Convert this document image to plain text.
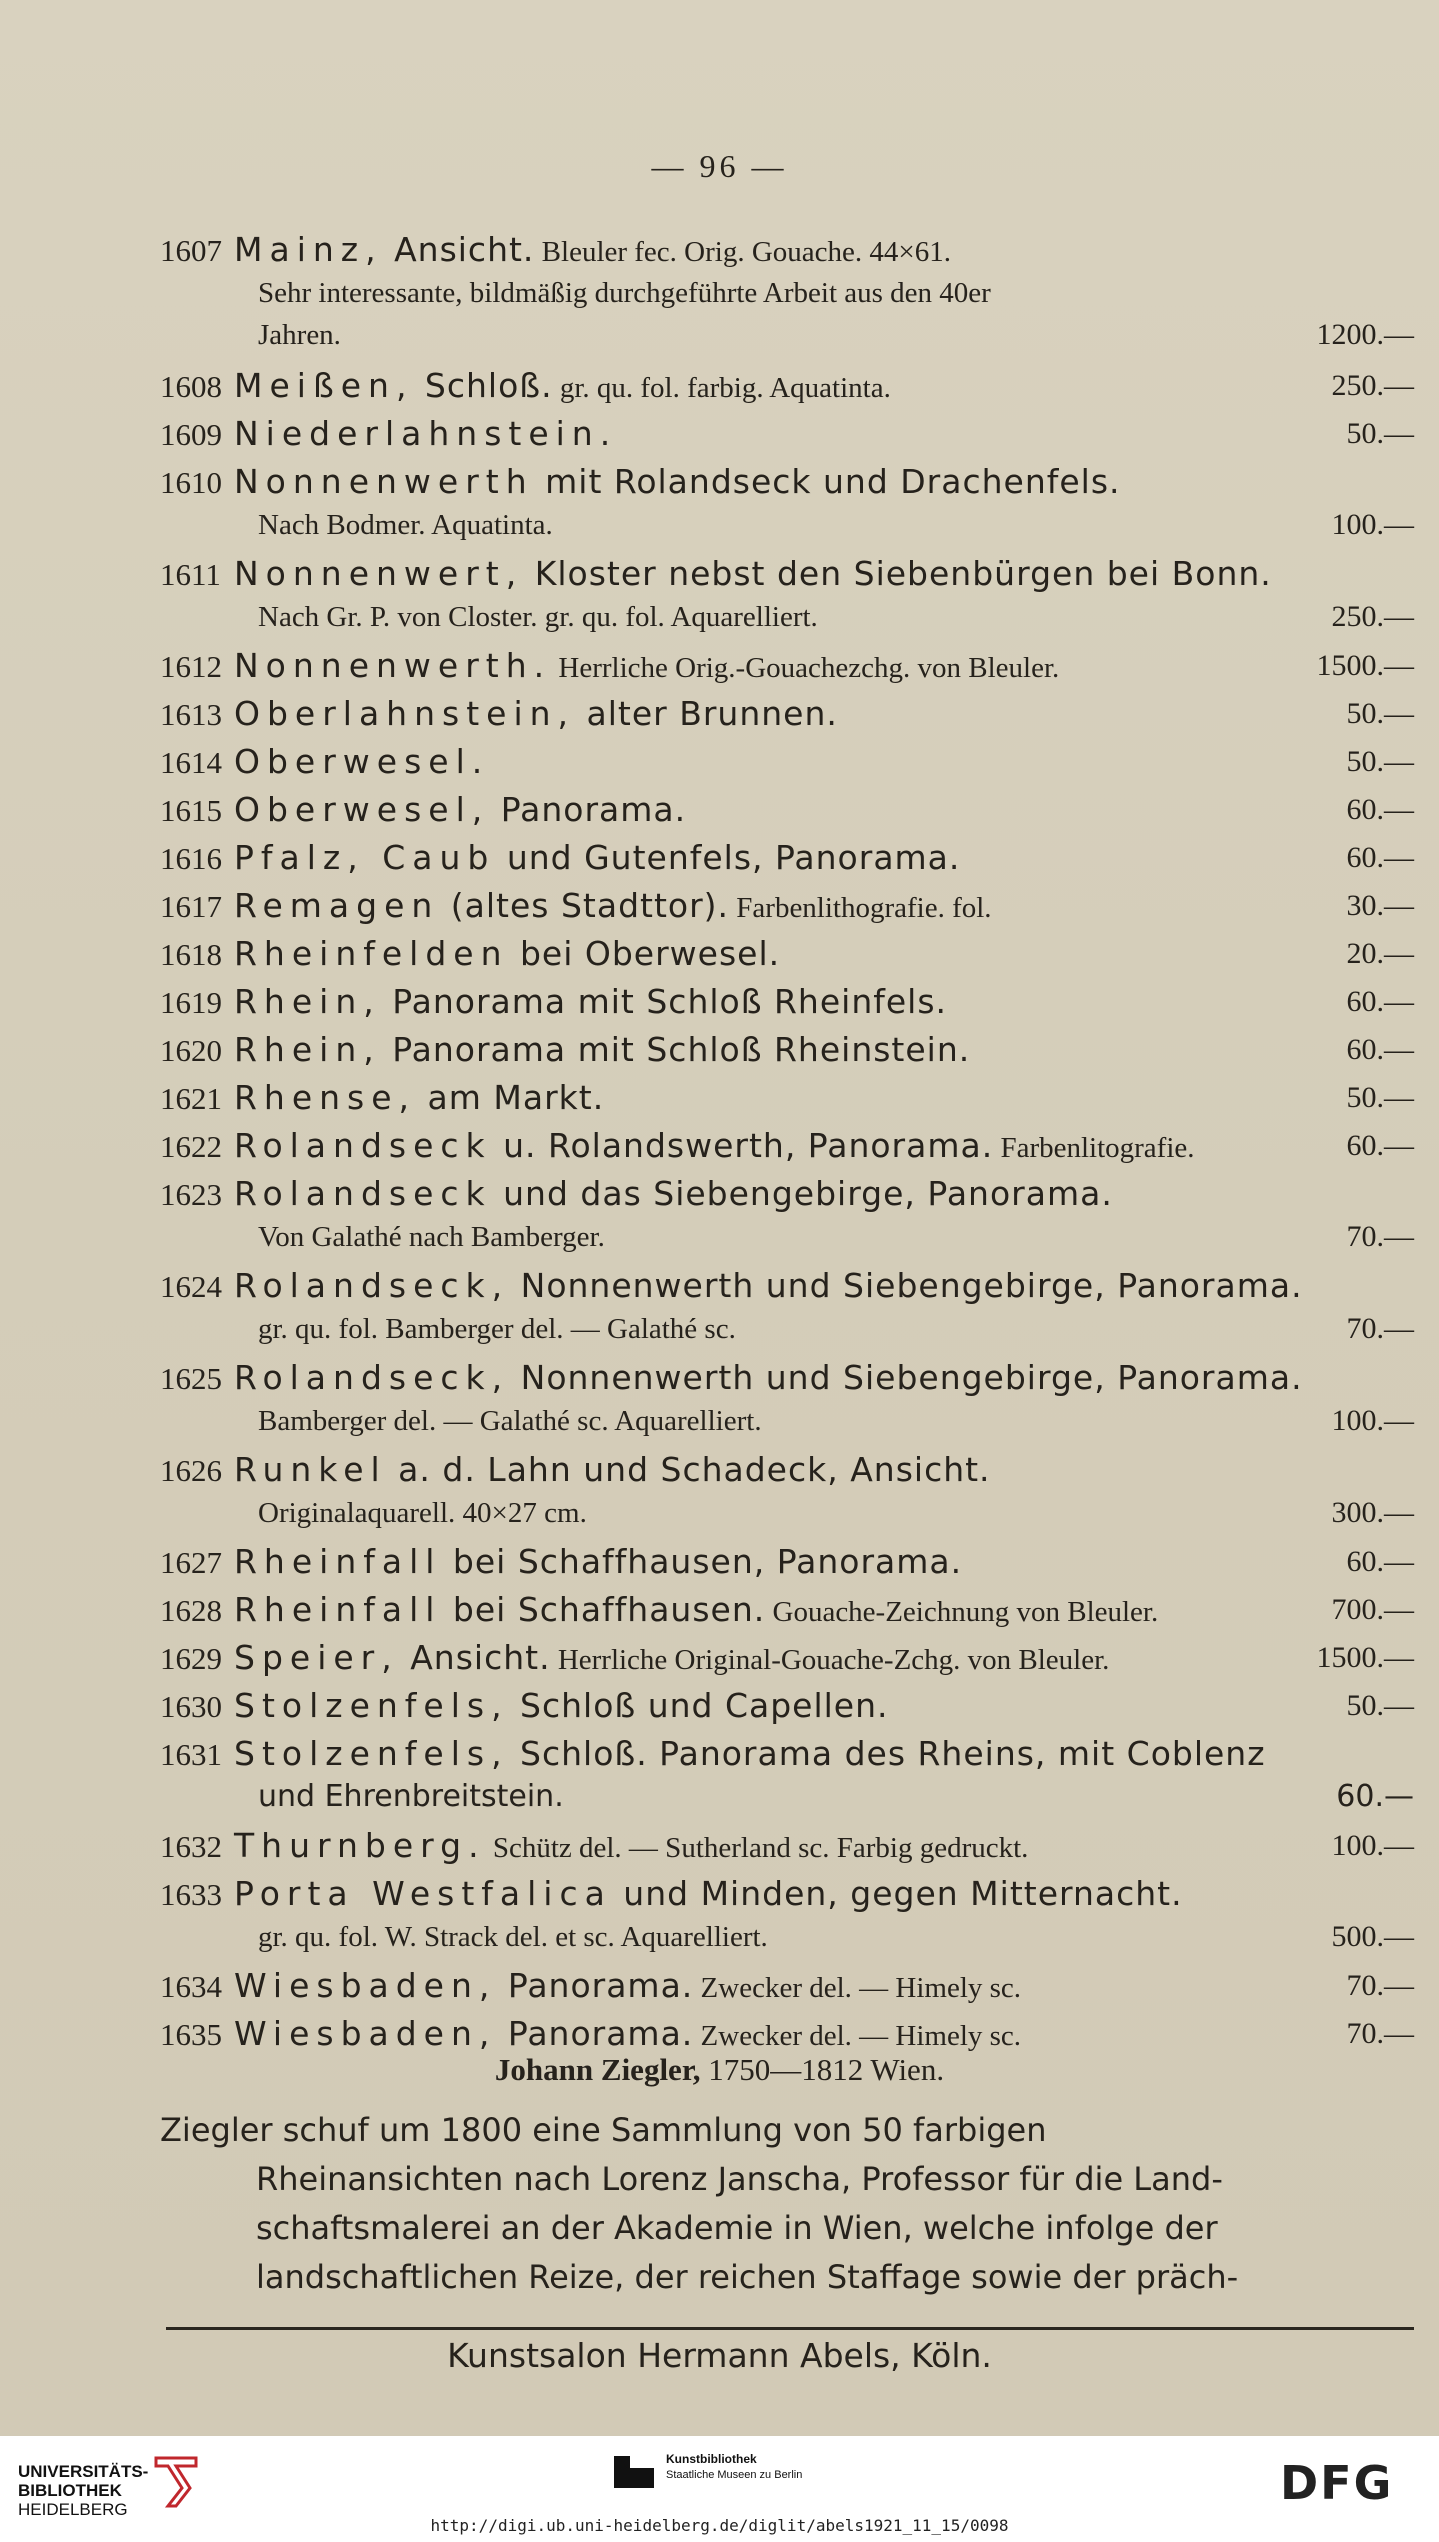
— 96 —
1607 Mainz, Ansicht. Bleuler fec. Orig. Gouache. 44×61.
Sehr interessante, bildmäßig durchgeführte Arbeit aus den 40er
Jahren.	1200.—
1608 Meißen, Schloß. gr. qu. fol. farbig. Aquatinta.	250.—
1609 Niederlahnstein.	50.—
1610 Nonnenwerth mit Rolandseck und Drachenfels.
Nach Bodmer. Aquatinta.	100.—
1611 Nonnenwert, Kloster nebst den Siebenbürgen bei Bonn.
Nach Gr. P. von Closter. gr. qu. fol. Aquarelliert.	250.—
1612 Nonnenwerth. Herrliche Orig.-Gouachezchg. von Bleuler.	1500.—
1613 Oberlahnstein, alter Brunnen.	50.—
1614 Oberwesel.	50.—
1615 Oberwesel, Panorama.	60.—
1616 Pfalz, Caub und Gutenfels, Panorama.	60.—
1617 Remagen (altes Stadttor). Farbenlithografie. fol.	30.—
1618 Rheinfelden bei Oberwesel.	20.—
1619 Rhein, Panorama mit Schloß Rheinfels.	60.—
1620 Rhein, Panorama mit Schloß Rheinstein.	60.—
1621 Rhense, am Markt.	50.—
1622 Rolandseck u. Rolandswerth, Panorama. Farbenlitografie.	60.—
1623 Rolandseck und das Siebengebirge, Panorama.
Von Galathé nach Bamberger.	70.—
1624 Rolandseck, Nonnenwerth und Siebengebirge, Panorama.
gr. qu. fol. Bamberger del. — Galathé sc.	70.—
1625 Rolandseck, Nonnenwerth und Siebengebirge, Panorama.
Bamberger del. — Galathé sc. Aquarelliert.	100.—
1626 Runkel a. d. Lahn und Schadeck, Ansicht.
Originalaquarell. 40×27 cm.	300.—
1627 Rheinfall bei Schaffhausen, Panorama.	60.—
1628 Rheinfall bei Schaffhausen. Gouache-Zeichnung von Bleuler.	700.—
1629 Speier, Ansicht. Herrliche Original-Gouache-Zchg. von Bleuler.	1500.—
1630 Stolzenfels, Schloß und Capellen.	50.—
1631 Stolzenfels, Schloß. Panorama des Rheins, mit Coblenz
und Ehrenbreitstein.	60.—
1632 Thurnberg. Schütz del. — Sutherland sc. Farbig gedruckt.	100.—
1633 Porta Westfalica und Minden, gegen Mitternacht.
gr. qu. fol. W. Strack del. et sc. Aquarelliert.	500.—
1634 Wiesbaden, Panorama. Zwecker del. — Himely sc.	70.—
1635 Wiesbaden, Panorama. Zwecker del. — Himely sc.	70.—
Johann Ziegler, 1750—1812 Wien.
Ziegler schuf um 1800 eine Sammlung von 50 farbigen
Rheinansichten nach Lorenz Janscha, Professor für die Land-
schaftsmalerei an der Akademie in Wien, welche infolge der
landschaftlichen Reize, der reichen Staffage sowie der präch-
Kunstsalon Hermann Abels, Köln.
UNIVERSITÄTS-
BIBLIOTHEK
HEIDELBERG
Kunstbibliothek
Staatliche Museen zu Berlin	DFG
http://digi.ub.uni-heidelberg.de/diglit/abels1921_11_15/0098
